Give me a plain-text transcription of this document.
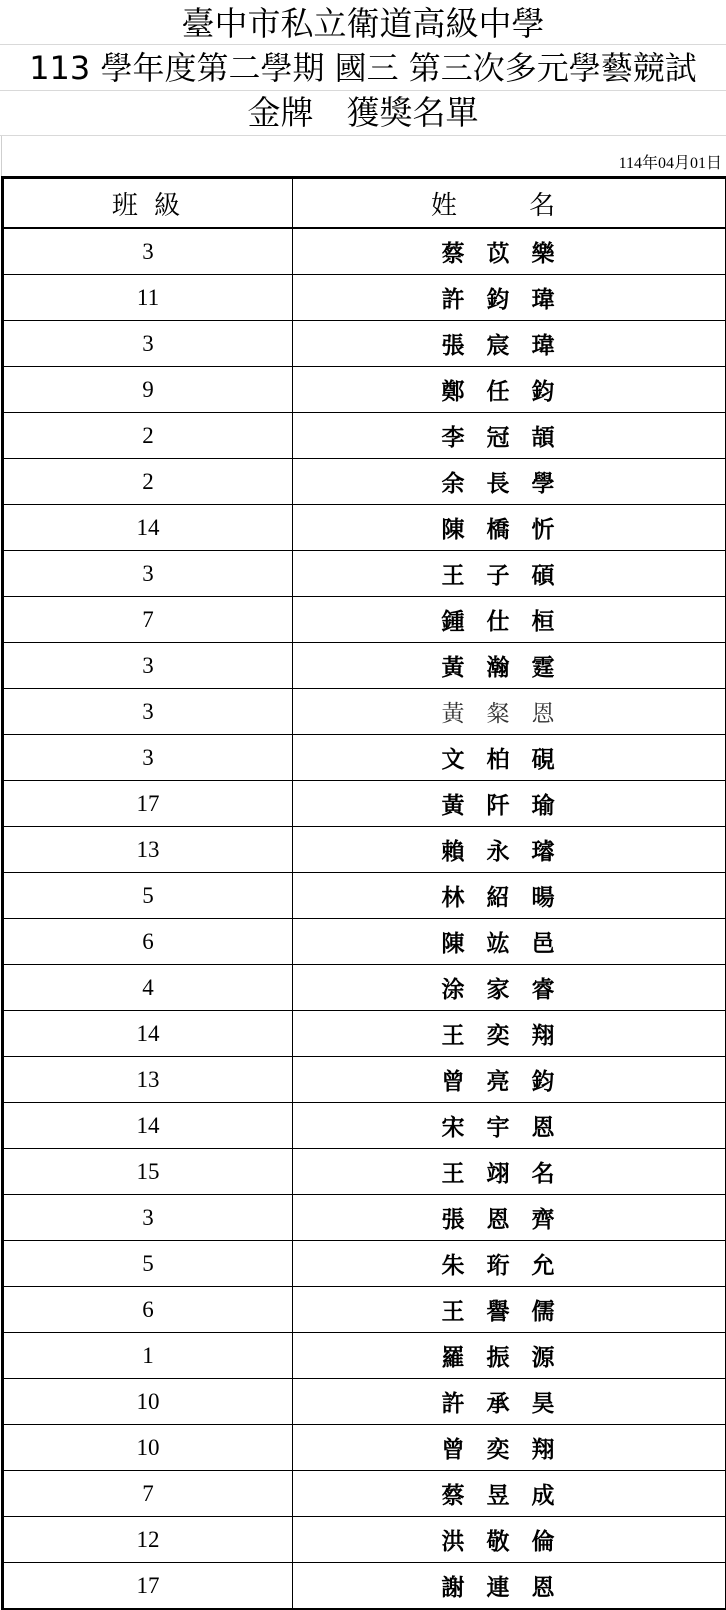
臺中市私立衛道高級中學
113 學年度第二學期 國三 第三次多元學藝競試
金牌　獲獎名單
114年04月01日
班 級	姓 名
3	蔡苡樂
11	許鈞瑋
3	張宸瑋
9	鄭任鈞
2	李冠頡
2	余長學
14	陳橋忻
3	王子碩
7	鍾仕桓
3	黃瀚霆
3	黃粲恩
3	文柏硯
17	黃阡瑜
13	賴永璿
5	林紹暘
6	陳竑邑
4	涂家睿
14	王奕翔
13	曾亮鈞
14	宋宇恩
15	王翊名
3	張恩齊
5	朱珩允
6	王譽儒
1	羅振源
10	許承昊
10	曾奕翔
7	蔡昱成
12	洪敬倫
17	謝連恩
